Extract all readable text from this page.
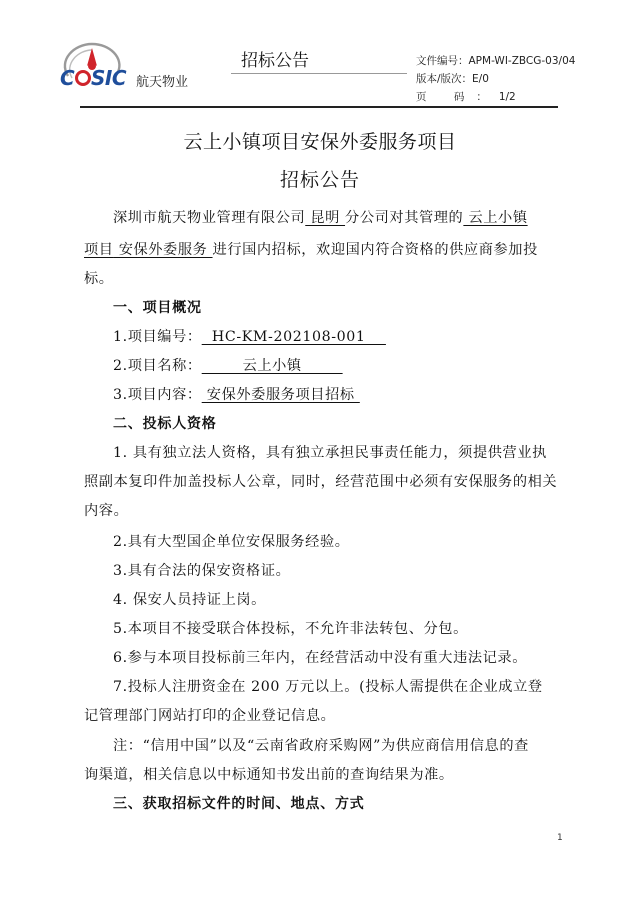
C SIC 航天物业
招标公告	文件编号：APM-WI-ZBCG-03/04
版本/版次：E/0
页 码：1/2
云上小镇项目安保外委服务项目
招标公告
深圳市航天物业管理有限公司 昆明 分公司对其管理的 云上小镇
项目 安保外委服务 进行国内招标，欢迎国内符合资格的供应商参加投
标。
一、项目概况
1.项目编号：  HC-KM-202108-001
2.项目名称：        云上小镇
3.项目内容： 安保外委服务项目招标
二、投标人资格
1. 具有独立法人资格，具有独立承担民事责任能力，须提供营业执
照副本复印件加盖投标人公章，同时，经营范围中必须有安保服务的相关
内容。
2.具有大型国企单位安保服务经验。
3.具有合法的保安资格证。
4. 保安人员持证上岗。
5.本项目不接受联合体投标，不允许非法转包、分包。
6.参与本项目投标前三年内，在经营活动中没有重大违法记录。
7.投标人注册资金在 200 万元以上。(投标人需提供在企业成立登
记管理部门网站打印的企业登记信息。
注：“信用中国”以及“云南省政府采购网”为供应商信用信息的查
询渠道，相关信息以中标通知书发出前的查询结果为准。
三、获取招标文件的时间、地点、方式
1
